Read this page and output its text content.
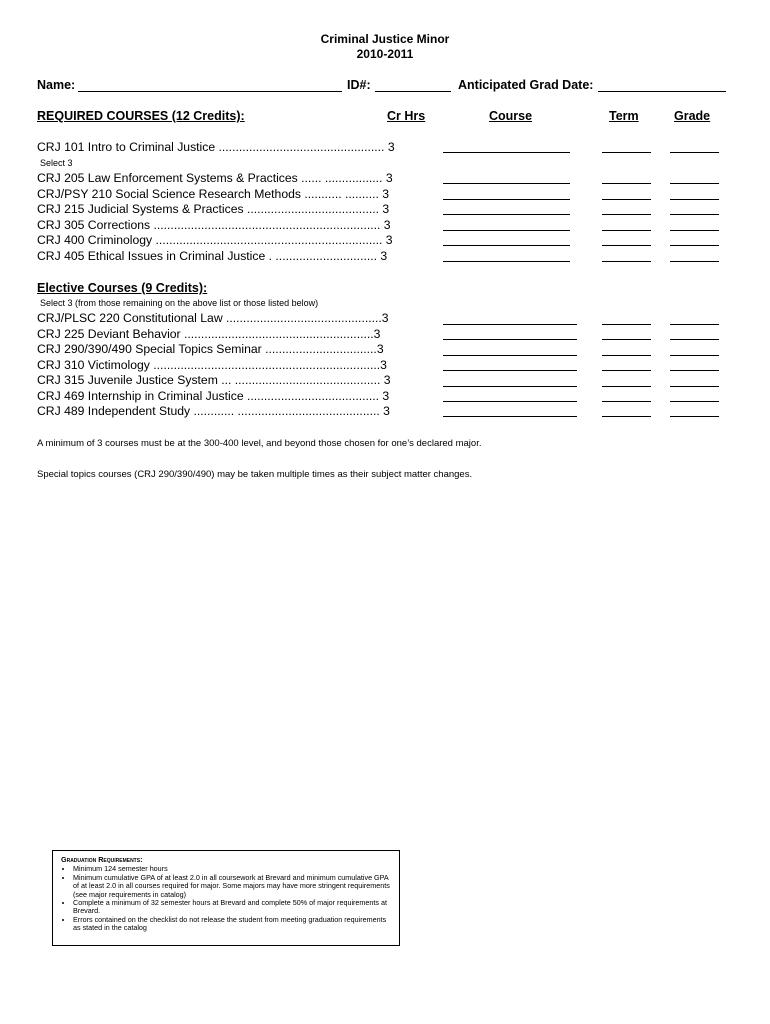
Criminal Justice Minor
2010-2011
Name:	ID#:	Anticipated Grad Date:
REQUIRED COURSES (12 Credits):	Cr Hrs	Course	Term	Grade
CRJ 101 Intro to Criminal Justice ................................................. 3
Select 3
CRJ 205 Law Enforcement Systems & Practices ...... ................. 3
CRJ/PSY 210 Social Science Research Methods ........... .......... 3
CRJ 215 Judicial Systems & Practices ....................................... 3
CRJ 305 Corrections ................................................................... 3
CRJ 400 Criminology ................................................................... 3
CRJ 405 Ethical Issues in Criminal Justice . .............................. 3
Elective Courses (9 Credits):
Select 3 (from those remaining on the above list or those listed below)
CRJ/PLSC 220 Constitutional Law ..............................................3
CRJ 225 Deviant Behavior ........................................................3
CRJ 290/390/490 Special Topics Seminar .................................3
CRJ 310 Victimology ...................................................................3
CRJ 315 Juvenile Justice System ... ........................................... 3
CRJ 469 Internship in Criminal Justice ....................................... 3
CRJ 489 Independent Study ............ .......................................... 3
A minimum of 3 courses must be at the 300-400 level, and beyond those chosen for one’s declared major.
Special topics courses (CRJ 290/390/490) may be taken multiple times as their subject matter changes.
Graduation Requirements:
• Minimum 124 semester hours
• Minimum cumulative GPA of at least 2.0 in all coursework at Brevard and minimum cumulative GPA of at least 2.0 in all courses required for major. Some majors may have more stringent requirements (see major requirements in catalog)
• Complete a minimum of 32 semester hours at Brevard and complete 50% of major requirements at Brevard.
• Errors contained on the checklist do not release the student from meeting graduation requirements as stated in the catalog
